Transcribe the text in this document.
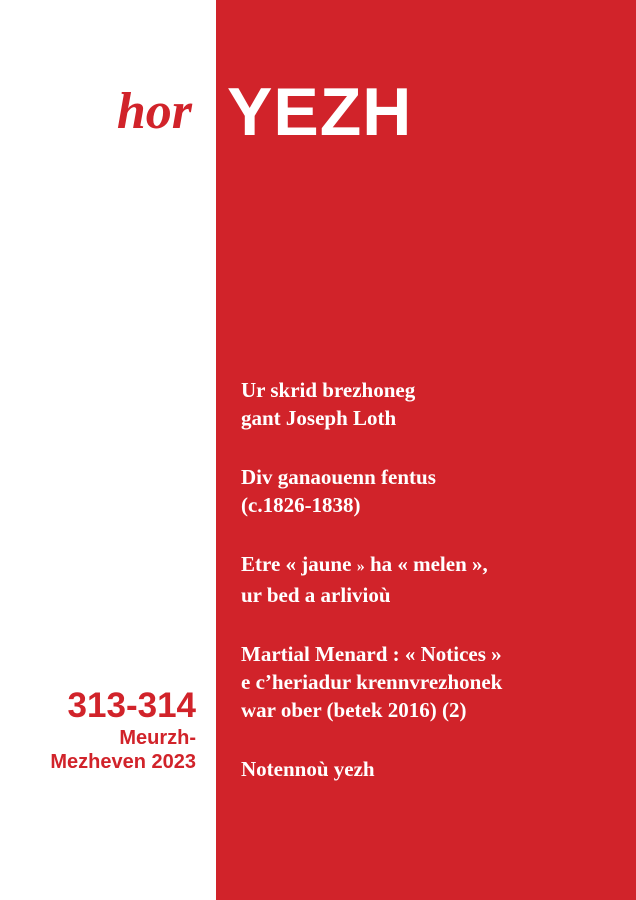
hor YEZH
Ur skrid brezhoneg
gant Joseph Loth
Div ganaouenn fentus
(c.1826-1838)
Etre « jaune » ha « melen »,
ur bed a arlivioù
Martial Menard : « Notices »
e c’heriadur krennvrezhonek
war ober (betek 2016) (2)
Notennoù yezh
313-314
Meurzh-
Mezheven 2023
